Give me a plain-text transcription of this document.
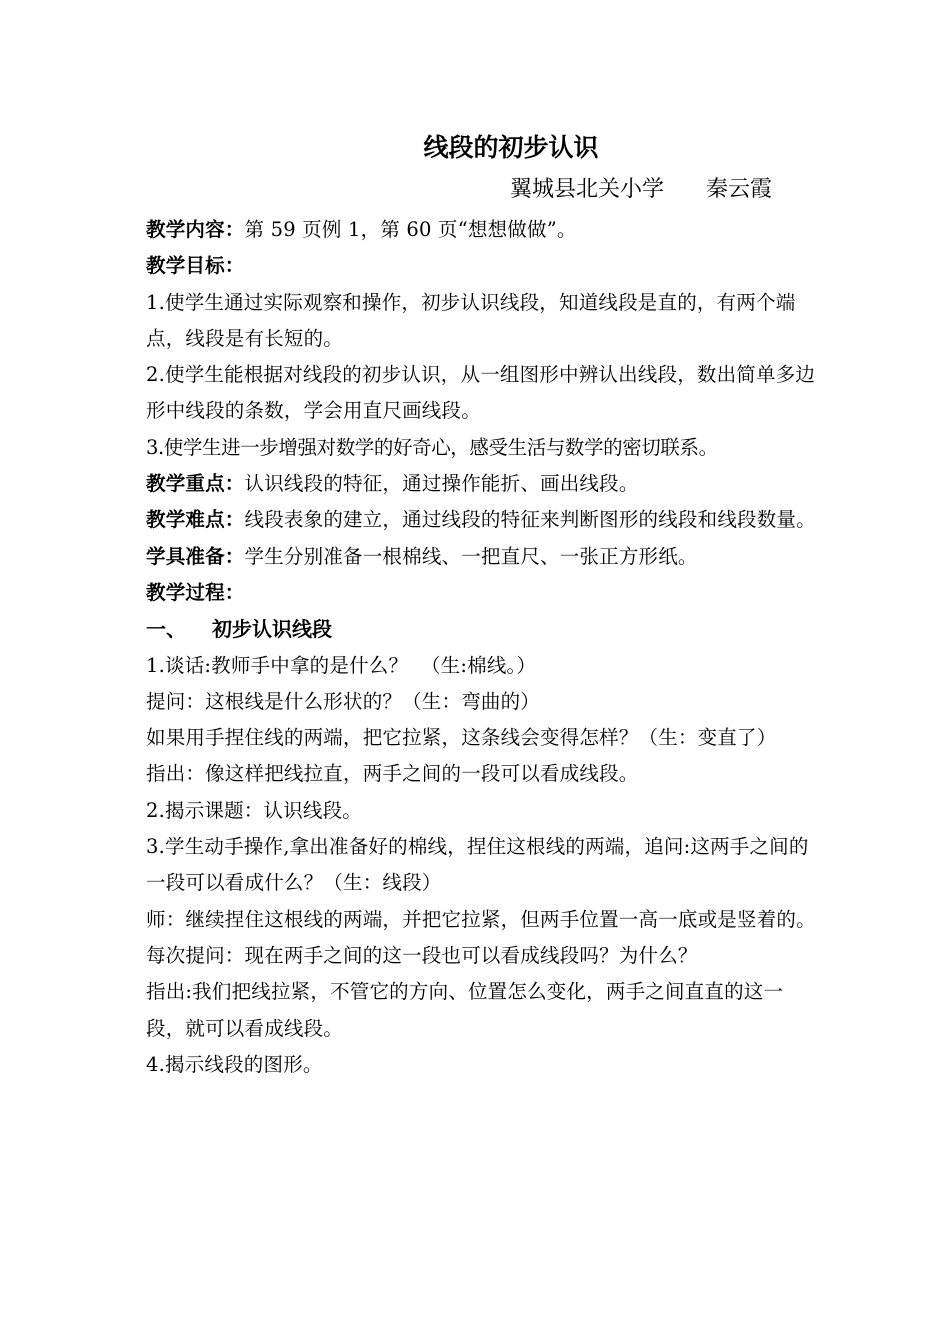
线段的初步认识

翼城县北关小学      秦云霞

教学内容：第 59 页例 1，第 60 页“想想做做”。

教学目标：

1.使学生通过实际观察和操作，初步认识线段，知道线段是直的，有两个端点，线段是有长短的。

2.使学生能根据对线段的初步认识，从一组图形中辨认出线段，数出简单多边形中线段的条数，学会用直尺画线段。

3.使学生进一步增强对数学的好奇心，感受生活与数学的密切联系。

教学重点：认识线段的特征，通过操作能折、画出线段。

教学难点：线段表象的建立，通过线段的特征来判断图形的线段和线段数量。

学具准备：学生分别准备一根棉线、一把直尺、一张正方形纸。

教学过程：

一、 初步认识线段

1.谈话:教师手中拿的是什么？  （生:棉线。）

提问：这根线是什么形状的？（生：弯曲的）

如果用手捏住线的两端，把它拉紧，这条线会变得怎样？（生：变直了）

指出：像这样把线拉直，两手之间的一段可以看成线段。

2.揭示课题：认识线段。

3.学生动手操作,拿出准备好的棉线，捏住这根线的两端，追问:这两手之间的一段可以看成什么？（生：线段）

师：继续捏住这根线的两端，并把它拉紧，但两手位置一高一底或是竖着的。

每次提问：现在两手之间的这一段也可以看成线段吗？为什么？

指出:我们把线拉紧，不管它的方向、位置怎么变化，两手之间直直的这一段，就可以看成线段。

4.揭示线段的图形。
